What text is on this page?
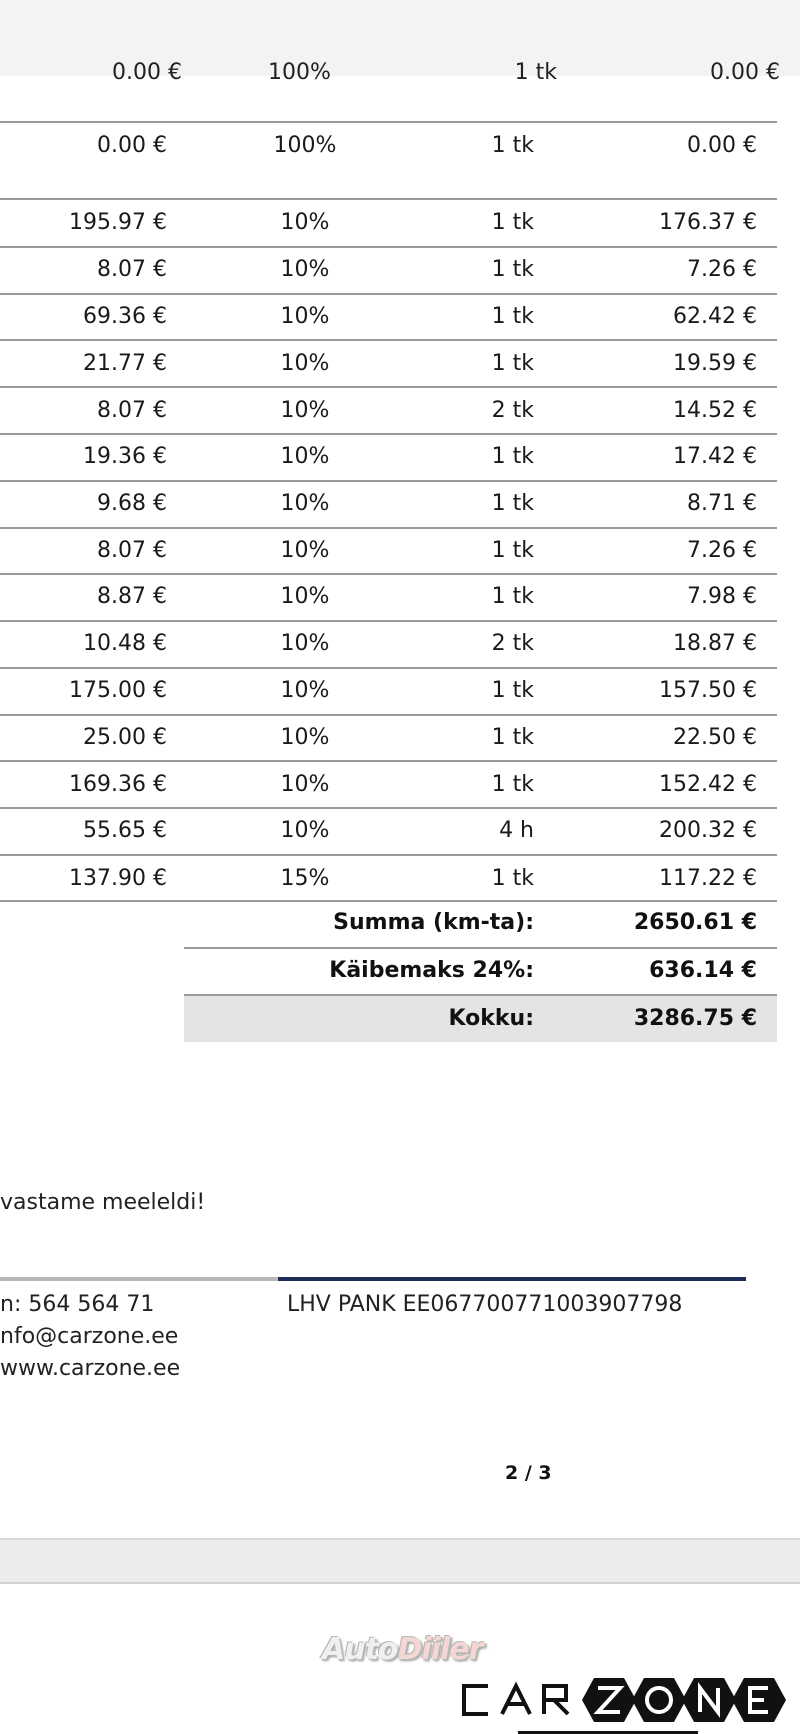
0.00 €	100%	1 tk	0.00 €
0.00 €	100%	1 tk	0.00 €
195.97 €	10%	1 tk	176.37 €
8.07 €	10%	1 tk	7.26 €
69.36 €	10%	1 tk	62.42 €
21.77 €	10%	1 tk	19.59 €
8.07 €	10%	2 tk	14.52 €
19.36 €	10%	1 tk	17.42 €
9.68 €	10%	1 tk	8.71 €
8.07 €	10%	1 tk	7.26 €
8.87 €	10%	1 tk	7.98 €
10.48 €	10%	2 tk	18.87 €
175.00 €	10%	1 tk	157.50 €
25.00 €	10%	1 tk	22.50 €
169.36 €	10%	1 tk	152.42 €
55.65 €	10%	4 h	200.32 €
137.90 €	15%	1 tk	117.22 €
Summa (km-ta):	2650.61 €
Käibemaks 24%:	636.14 €
Kokku:	3286.75 €
vastame meeleldi!
n: 564 564 71
nfo@carzone.ee
www.carzone.ee
LHV PANK EE067700771003907798
2 / 3
AutoDiiler
